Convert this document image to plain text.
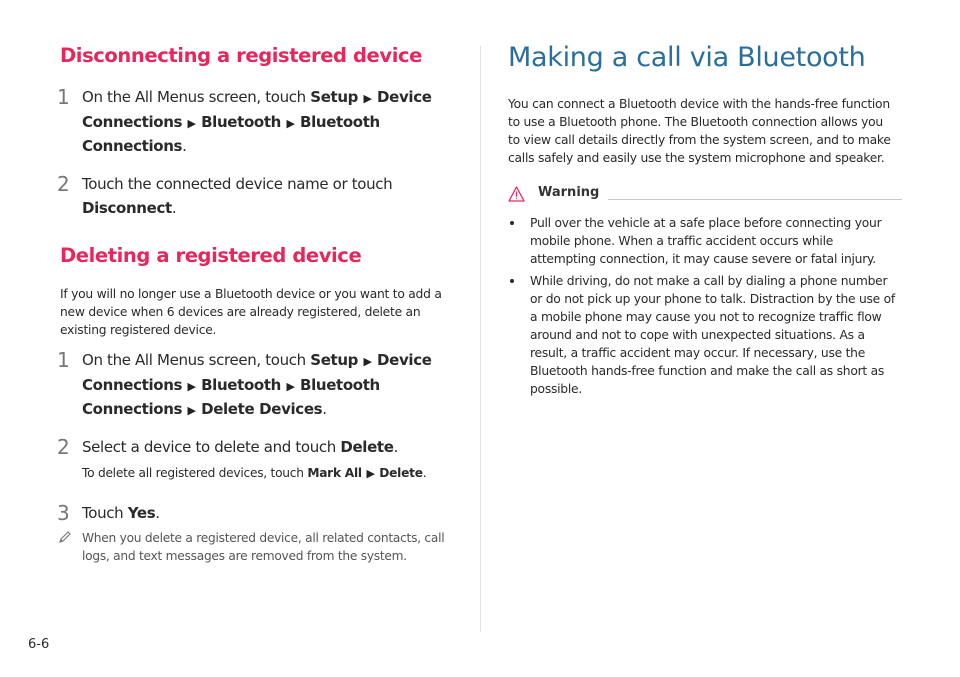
Disconnecting a registered device
1 On the All Menus screen, touch Setup ▶ Device Connections ▶ Bluetooth ▶ Bluetooth Connections.
2 Touch the connected device name or touch Disconnect.
Deleting a registered device

If you will no longer use a Bluetooth device or you want to add a new device when 6 devices are already registered, delete an existing registered device.

1 On the All Menus screen, touch Setup ▶ Device Connections ▶ Bluetooth ▶ Bluetooth Connections ▶ Delete Devices.
2 Select a device to delete and touch Delete.

To delete all registered devices, touch Mark All ▶ Delete.

3 Touch Yes.

When you delete a registered device, all related contacts, call logs, and text messages are removed from the system.

Making a call via Bluetooth

You can connect a Bluetooth device with the hands-free function to use a Bluetooth phone. The Bluetooth connection allows you to view call details directly from the system screen, and to make calls safely and easily use the system microphone and speaker.

Warning
Pull over the vehicle at a safe place before connecting your mobile phone. When a traffic accident occurs while attempting connection, it may cause severe or fatal injury.
While driving, do not make a call by dialing a phone number or do not pick up your phone to talk. Distraction by the use of a mobile phone may cause you not to recognize traffic flow around and not to cope with unexpected situations. As a result, a traffic accident may occur. If necessary, use the Bluetooth hands-free function and make the call as short as possible.
6-6
